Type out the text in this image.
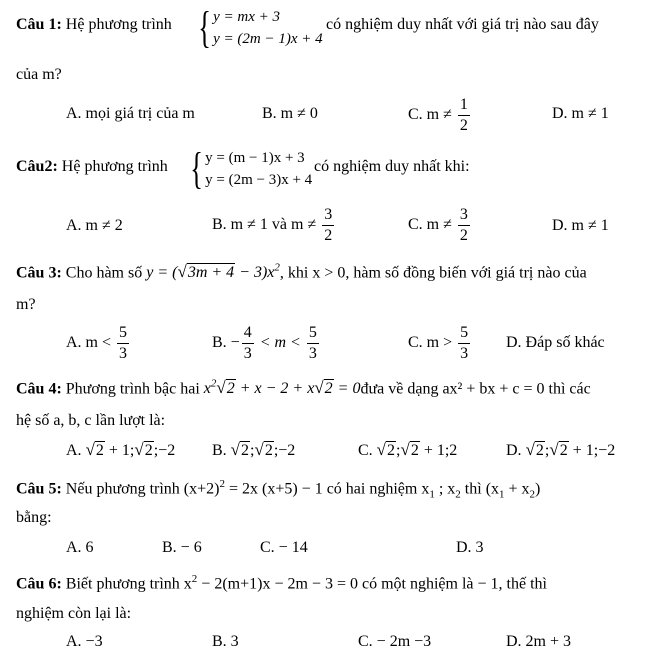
Câu 1: Hệ phương trình { y = mx + 3
y = (2m − 1)x + 4
có nghiệm duy nhất với giá trị nào sau đây
của m?
A. mọi giá trị của m	B. m ≠ 0	C. $m \ne \frac{1}{2}$	D. m ≠ 1
Câu2: Hệ phương trình { y = (m − 1)x + 3
y = (2m − 3)x + 4
có nghiệm duy nhất khi:
A. m ≠ 2	B. m ≠ 1 và $m \ne \frac{3}{2}$	C. $m \ne \frac{3}{2}$	D. m ≠ 1
Câu 3: Cho hàm số y = ( √ $3m + 4 - 3)x^2$, khi x > 0, hàm số đồng biến với giá trị nào của
m?
A. $m < \frac{5}{3}$	B. − $\frac{4}{3} < m < \frac{5}{3}$	C. $m > \frac{5}{3} D$. Đáp số khác
Câu 4: Phương trình bậc hai $x^2$ √ 2 + x − 2 + x √ 2 = 0đưa về dạng ax² + bx + c = 0 thì các
hệ số a, b, c lần lượt là:
A. √ 2 + 1; √ 2 ;−2 B. √ 2 ; √ 2 ;−2	C. √ 2 ; √ 2 + 1;2	D. √ 2 ; √ 2 + 1;−2
Câu 5: Nếu phương trình $(x+2)^2 = 2x$ (x+5) − 1 có hai nghiệm $x_1$ ; $x_2$ thì $(x_1 + x_2)$
bằng:
A. 6	B. − 6	C. − 14	D. 3
Câu 6: Biết phương trình $x^2 - 2(m+1)x - 2m - 3 = 0$ có một nghiệm là − 1, thế thì
nghiệm còn lại là:
A. −3	B. 3	C. − 2m −3	D. 2m + 3
